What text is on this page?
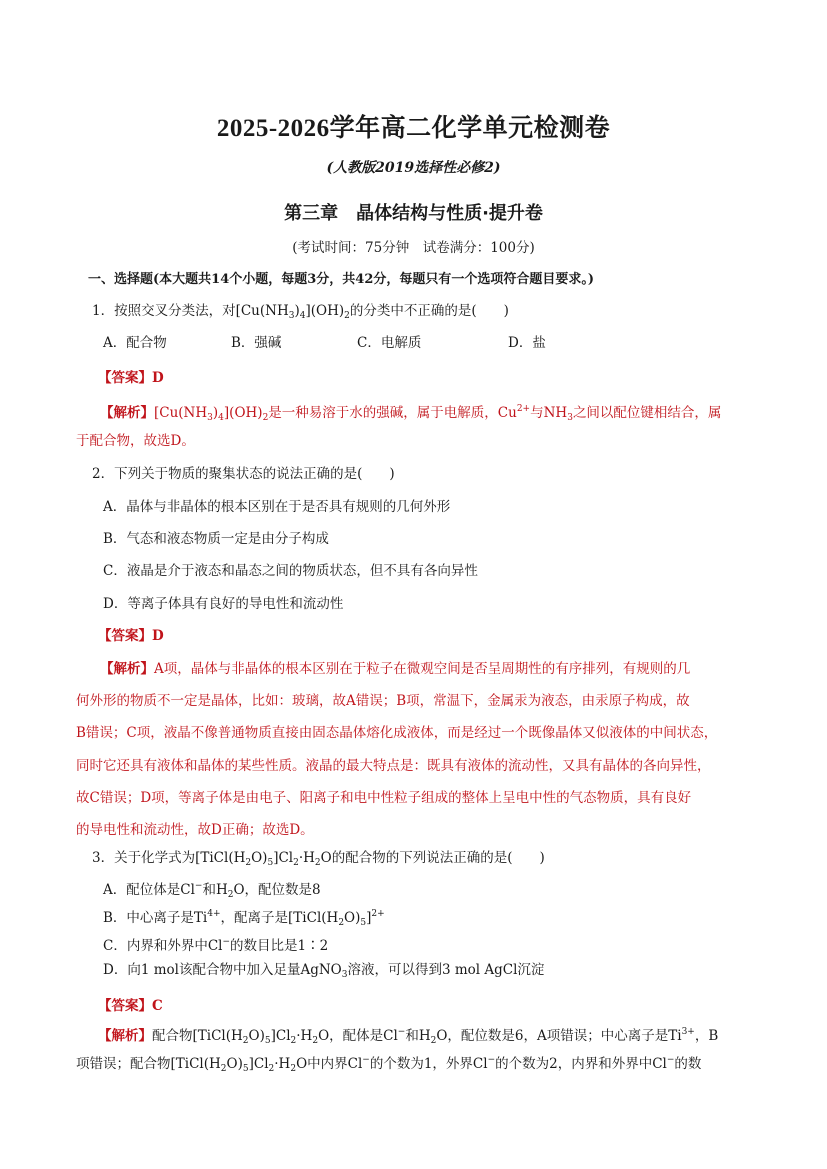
2025-2026学年高二化学单元检测卷
(人教版2019选择性必修2)
第三章　晶体结构与性质·提升卷
(考试时间：75分钟　试卷满分：100分)
一、选择题(本大题共14个小题，每题3分，共42分，每题只有一个选项符合题目要求。)
1．按照交叉分类法，对$[Cu(NH_3)_4](OH)_2$的分类中不正确的是(　　)
A．配合物	B．强碱	C．电解质	D．盐
【答案】D
【解析】$[Cu(NH_3)_4](OH)_2$是一种易溶于水的强碱，属于电解质，$Cu^{2+}$与$NH_3$之间以配位键相结合，属
于配合物，故选D。
2．下列关于物质的聚集状态的说法正确的是(　　)
A．晶体与非晶体的根本区别在于是否具有规则的几何外形
B．气态和液态物质一定是由分子构成
C．液晶是介于液态和晶态之间的物质状态，但不具有各向异性
D．等离子体具有良好的导电性和流动性
【答案】D
【解析】A项，晶体与非晶体的根本区别在于粒子在微观空间是否呈周期性的有序排列，有规则的几
何外形的物质不一定是晶体，比如：玻璃，故A错误；B项，常温下，金属汞为液态，由汞原子构成，故
B错误；C项，液晶不像普通物质直接由固态晶体熔化成液体，而是经过一个既像晶体又似液体的中间状态，
同时它还具有液体和晶体的某些性质。液晶的最大特点是：既具有液体的流动性，又具有晶体的各向异性，
故C错误；D项，等离子体是由电子、阳离子和电中性粒子组成的整体上呈电中性的气态物质，具有良好
的导电性和流动性，故D正确；故选D。
3．关于化学式为$[TiCl(H_2O)_5]Cl_2\cdot H_2O$的配合物的下列说法正确的是(　　)
A．配位体是Cl−和$H_2O$，配位数是8
B．中心离子是$Ti^{4+}$，配离子是$[TiCl(H_2O)_5]^{2+}$
C．内界和外界中Cl−的数目比是1∶2
D．向1 mol该配合物中加入足量AgNO$_3$溶液，可以得到3 mol AgCl沉淀
【答案】C
【解析】配合物$[TiCl(H_2O)_5]Cl_2\cdot H_2O$，配体是Cl−和$H_2O$，配位数是6，A项错误；中心离子是$Ti^{3+}$，B
项错误；配合物$[TiCl(H_2O)_5]Cl_2\cdot H_2O$中内界Cl−的个数为1，外界Cl−的个数为2，内界和外界中Cl−的数
